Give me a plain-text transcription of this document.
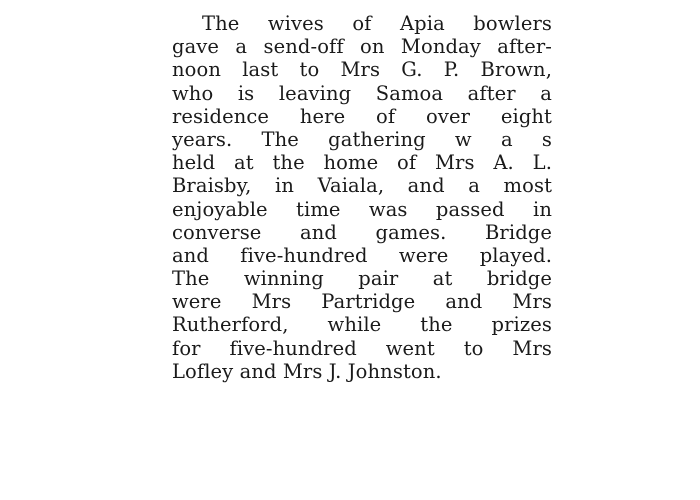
The wives of Apia bowlers
gave a send-off on Monday after-
noon last to Mrs G. P. Brown,
who is leaving Samoa after a
residence here of over eight
years. The gathering w a s
held at the home of Mrs A. L.
Braisby, in Vaiala, and a most
enjoyable time was passed in
converse and games. Bridge
and five-hundred were played.
The winning pair at bridge
were Mrs Partridge and Mrs
Rutherford, while the prizes
for five-hundred went to Mrs
Lofley and Mrs J. Johnston.
